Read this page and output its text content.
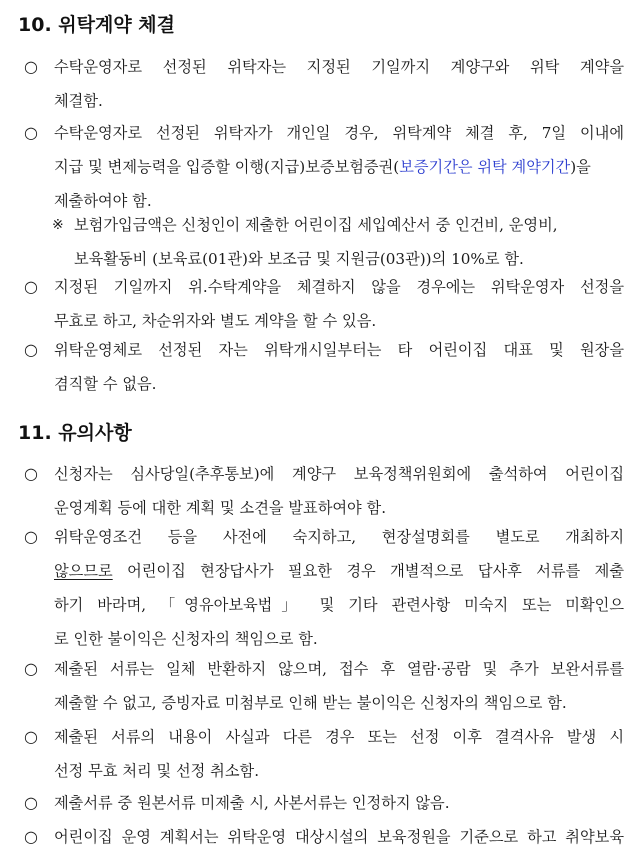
10. 위탁계약 체결
○ 수탁운영자로 선정된 위탁자는 지정된 기일까지 계양구와 위탁 계약을
체결함.
○ 수탁운영자로 선정된 위탁자가 개인일 경우, 위탁계약 체결 후, 7일 이내에
지급 및 변제능력을 입증할 이행(지급)보증보험증권(보증기간은 위탁 계약기간)을
제출하여야 함.
※ 보험가입금액은 신청인이 제출한 어린이집 세입예산서 중 인건비, 운영비,
보육활동비 (보육료(01관)와 보조금 및 지원금(03관))의 10%로 함.
○ 지정된 기일까지 위.수탁계약을 체결하지 않을 경우에는 위탁운영자 선정을
무효로 하고, 차순위자와 별도 계약을 할 수 있음.
○ 위탁운영체로 선정된 자는 위탁개시일부터는 타 어린이집 대표 및 원장을
겸직할 수 없음.
11. 유의사항
○ 신청자는 심사당일(추후통보)에 계양구 보육정책위원회에 출석하여 어린이집
운영계획 등에 대한 계획 및 소견을 발표하여야 함.
○ 위탁운영조건 등을 사전에 숙지하고, 현장설명회를 별도로 개최하지
않으므로 어린이집 현장답사가 필요한 경우 개별적으로 답사후 서류를 제출
하기 바라며, 「영유아보육법」 및 기타 관련사항 미숙지 또는 미확인으
로 인한 불이익은 신청자의 책임으로 함.
○ 제출된 서류는 일체 반환하지 않으며, 접수 후 열람·공람 및 추가 보완서류를
제출할 수 없고, 증빙자료 미첨부로 인해 받는 불이익은 신청자의 책임으로 함.
○ 제출된 서류의 내용이 사실과 다른 경우 또는 선정 이후 결격사유 발생 시
선정 무효 처리 및 선정 취소함.
○ 제출서류 중 원본서류 미제출 시, 사본서류는 인정하지 않음.
○ 어린이집 운영 계획서는 위탁운영 대상시설의 보육정원을 기준으로 하고 취약보육
